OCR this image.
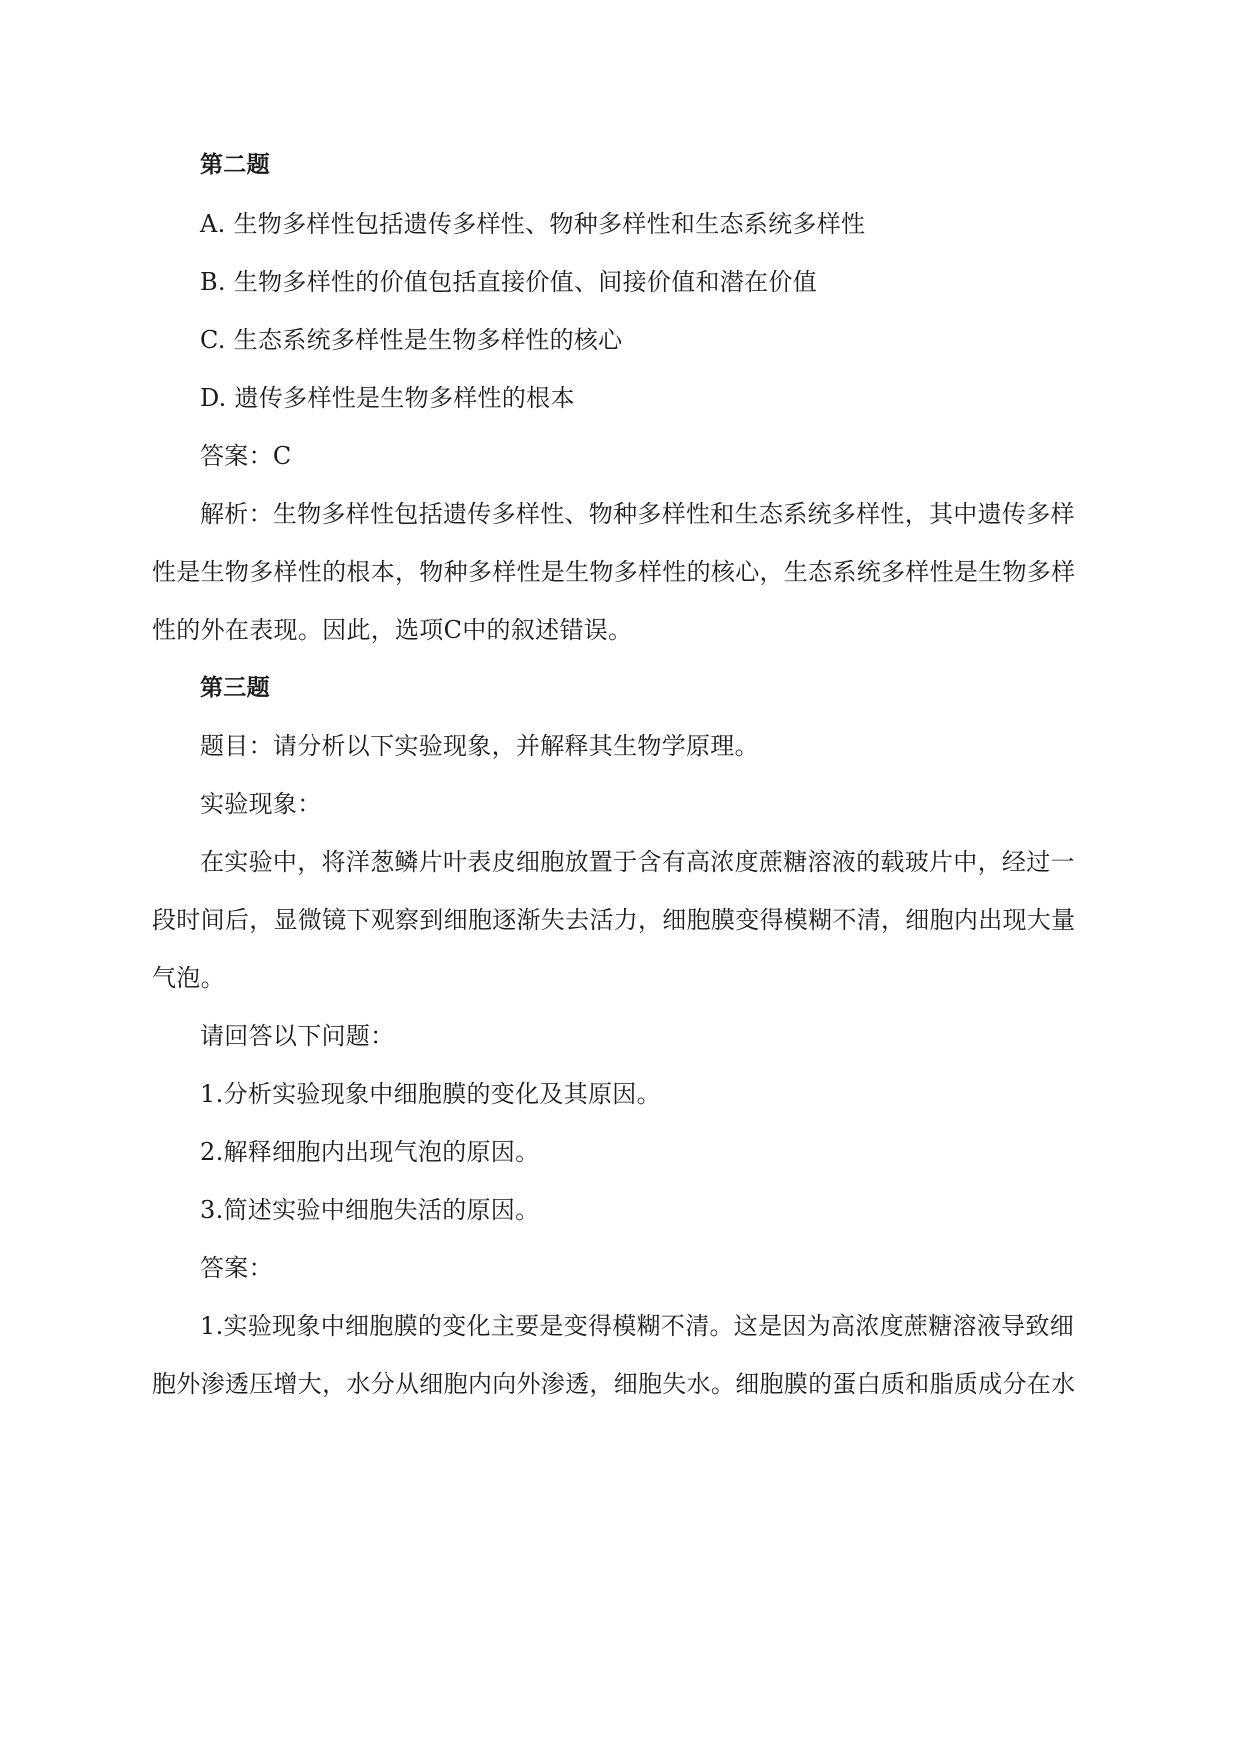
第二题
A. 生物多样性包括遗传多样性、物种多样性和生态系统多样性
B. 生物多样性的价值包括直接价值、间接价值和潜在价值
C. 生态系统多样性是生物多样性的核心
D. 遗传多样性是生物多样性的根本
答案：C
解析：生物多样性包括遗传多样性、物种多样性和生态系统多样性，其中遗传多样
性是生物多样性的根本，物种多样性是生物多样性的核心，生态系统多样性是生物多样
性的外在表现。因此，选项C中的叙述错误。
第三题
题目：请分析以下实验现象，并解释其生物学原理。
实验现象：
在实验中，将洋葱鳞片叶表皮细胞放置于含有高浓度蔗糖溶液的载玻片中，经过一
段时间后，显微镜下观察到细胞逐渐失去活力，细胞膜变得模糊不清，细胞内出现大量
气泡。
请回答以下问题：
1.分析实验现象中细胞膜的变化及其原因。
2.解释细胞内出现气泡的原因。
3.简述实验中细胞失活的原因。
答案：
1.实验现象中细胞膜的变化主要是变得模糊不清。这是因为高浓度蔗糖溶液导致细
胞外渗透压增大，水分从细胞内向外渗透，细胞失水。细胞膜的蛋白质和脂质成分在水
